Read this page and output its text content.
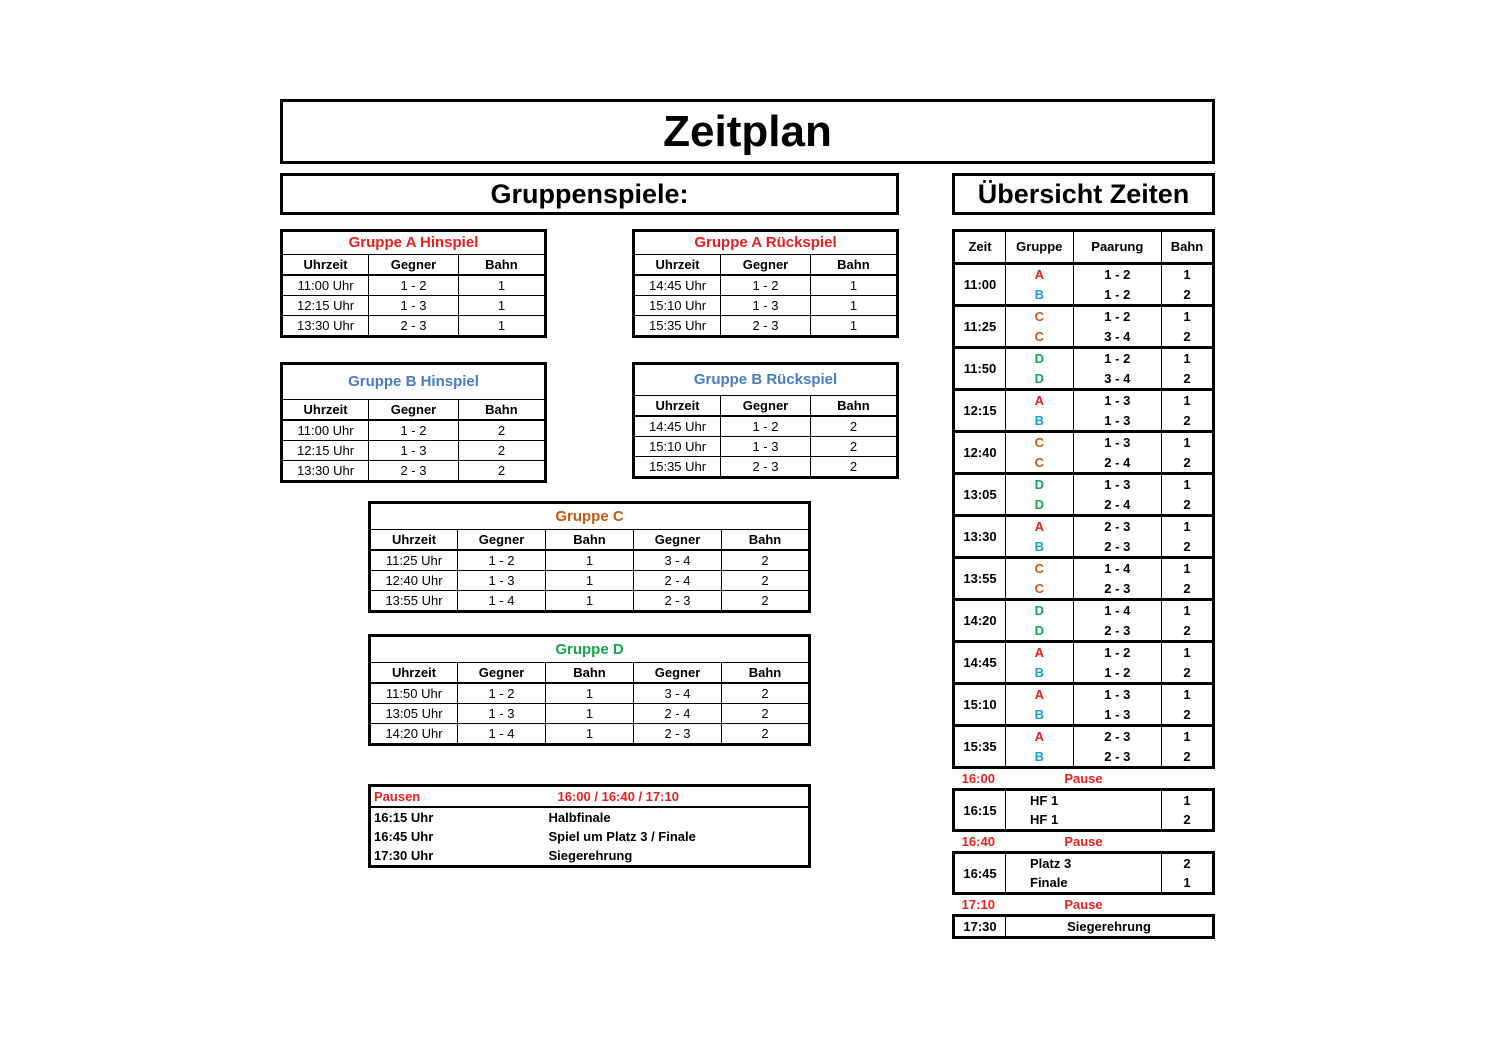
Zeitplan
Gruppenspiele:	Übersicht Zeiten
Gruppe A Hinspiel		
Uhrzeit	Gegner	Bahn
11:00 Uhr	1 - 2	1
12:15 Uhr	1 - 3	1
13:30 Uhr	2 - 3	1
Gruppe A Rückspiel		
Uhrzeit	Gegner	Bahn
14:45 Uhr	1 - 2	1
15:10 Uhr	1 - 3	1
15:35 Uhr	2 - 3	1
Gruppe B Hinspiel		
Uhrzeit	Gegner	Bahn
11:00 Uhr	1 - 2	2
12:15 Uhr	1 - 3	2
13:30 Uhr	2 - 3	2
Gruppe B Rückspiel		
Uhrzeit	Gegner	Bahn
14:45 Uhr	1 - 2	2
15:10 Uhr	1 - 3	2
15:35 Uhr	2 - 3	2
Gruppe C				
Uhrzeit	Gegner	Bahn	Gegner	Bahn
11:25 Uhr	1 - 2	1	3 - 4	2
12:40 Uhr	1 - 3	1	2 - 4	2
13:55 Uhr	1 - 4	1	2 - 3	2
Gruppe D				
Uhrzeit	Gegner	Bahn	Gegner	Bahn
11:50 Uhr	1 - 2	1	3 - 4	2
13:05 Uhr	1 - 3	1	2 - 4	2
14:20 Uhr	1 - 4	1	2 - 3	2
Pausen	16:00 / 16:40 / 17:10
16:15 Uhr	Halbfinale
16:45 Uhr	Spiel um Platz 3 / Finale
17:30 Uhr	Siegerehrung
Zeit	Gruppe	Paarung	Bahn
11:00	A	1 - 2	1
	B	1 - 2	2
11:25	C	1 - 2	1
	C	3 - 4	2
11:50	D	1 - 2	1
	D	3 - 4	2
12:15	A	1 - 3	1
	B	1 - 3	2
12:40	C	1 - 3	1
	C	2 - 4	2
13:05	D	1 - 3	1
	D	2 - 4	2
13:30	A	2 - 3	1
	B	2 - 3	2
13:55	C	1 - 4	1
	C	2 - 3	2
14:20	D	1 - 4	1
	D	2 - 3	2
14:45	A	1 - 2	1
	B	1 - 2	2
15:10	A	1 - 3	1
	B	1 - 3	2
15:35	A	2 - 3	1
	B	2 - 3	2
16:00	Pause	
16:15	HF 1	1
	HF 1	2
16:40	Pause	
16:45	Platz 3	2
	Finale	1
17:10	Pause	
17:30	Siegerehrung
